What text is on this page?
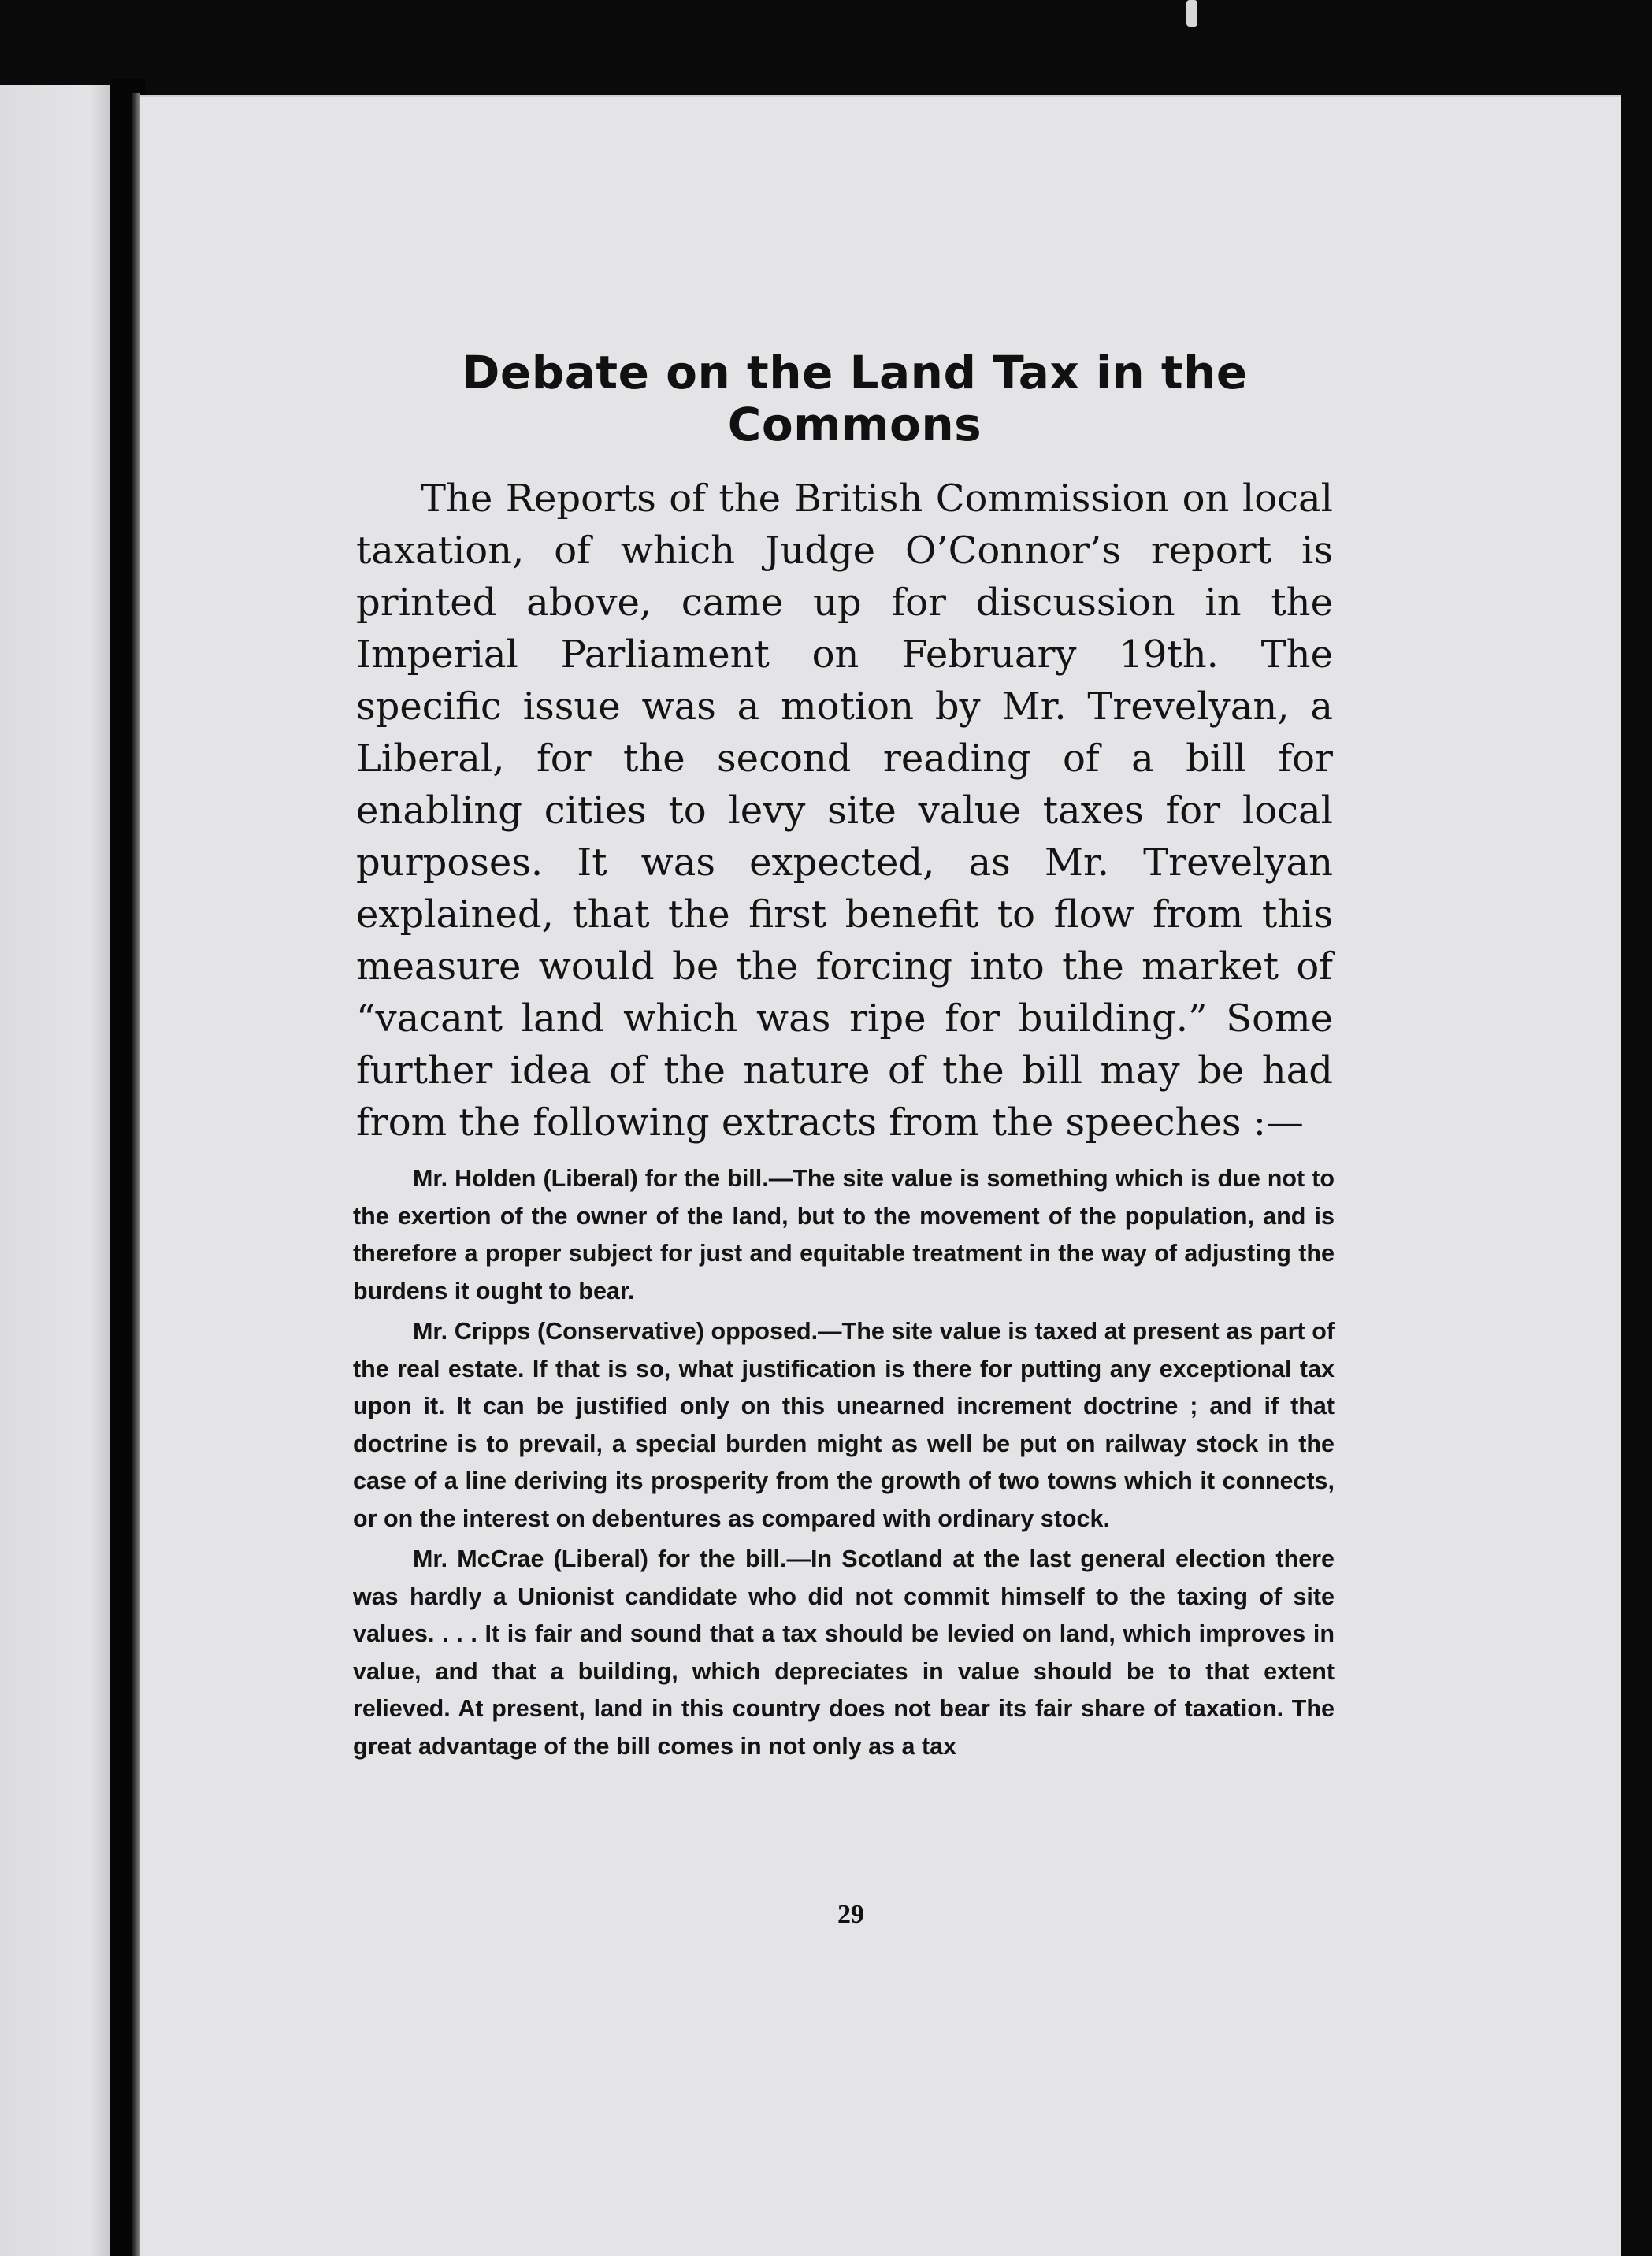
Debate on the Land Tax in the Commons

The Reports of the British Commission on local taxation, of which Judge O’Connor’s report is printed above, came up for discussion in the Imperial Parliament on February 19th. The specific issue was a motion by Mr. Trevelyan, a Liberal, for the second reading of a bill for enabling cities to levy site value taxes for local purposes. It was expected, as Mr. Trevelyan explained, that the first benefit to flow from this measure would be the forcing into the market of “vacant land which was ripe for building.” Some further idea of the nature of the bill may be had from the following extracts from the speeches :—

Mr. Holden (Liberal) for the bill.—The site value is something which is due not to the exertion of the owner of the land, but to the movement of the population, and is therefore a proper subject for just and equitable treatment in the way of adjusting the burdens it ought to bear.

Mr. Cripps (Conservative) opposed.—The site value is taxed at present as part of the real estate. If that is so, what justification is there for putting any exceptional tax upon it. It can be justified only on this unearned increment doctrine ; and if that doctrine is to prevail, a special burden might as well be put on railway stock in the case of a line deriving its prosperity from the growth of two towns which it connects, or on the interest on debentures as compared with ordinary stock.

Mr. McCrae (Liberal) for the bill.—In Scotland at the last general election there was hardly a Unionist candidate who did not commit himself to the taxing of site values. . . . It is fair and sound that a tax should be levied on land, which improves in value, and that a building, which depreciates in value should be to that extent relieved. At present, land in this country does not bear its fair share of taxation. The great advantage of the bill comes in not only as a tax

29
